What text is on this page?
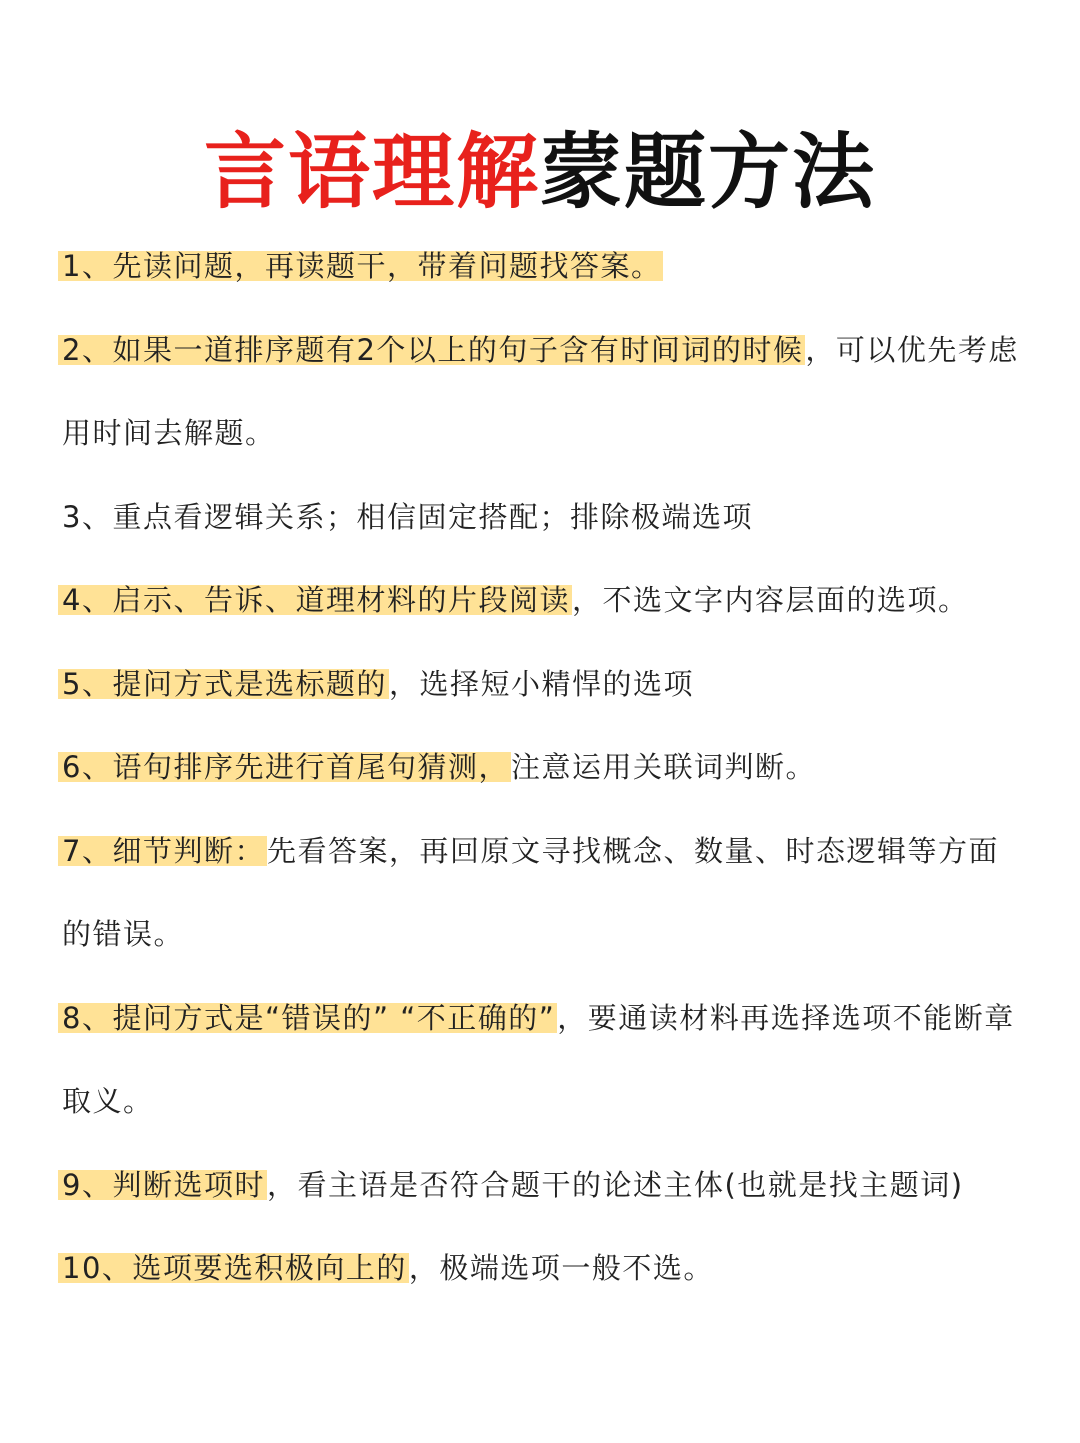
言语理解蒙题方法
1、先读问题，再读题干，带着问题找答案。
2、如果一道排序题有2个以上的句子含有时间词的时候，可以优先考虑用时间去解题。
3、重点看逻辑关系；相信固定搭配；排除极端选项
4、启示、告诉、道理材料的片段阅读，不选文字内容层面的选项。
5、提问方式是选标题的，选择短小精悍的选项
6、语句排序先进行首尾句猜测，注意运用关联词判断。
7、细节判断：先看答案，再回原文寻找概念、数量、时态逻辑等方面的错误。
8、提问方式是“错误的” “不正确的”，要通读材料再选择选项不能断章取义。
9、判断选项时，看主语是否符合题干的论述主体(也就是找主题词)
10、选项要选积极向上的，极端选项一般不选。
